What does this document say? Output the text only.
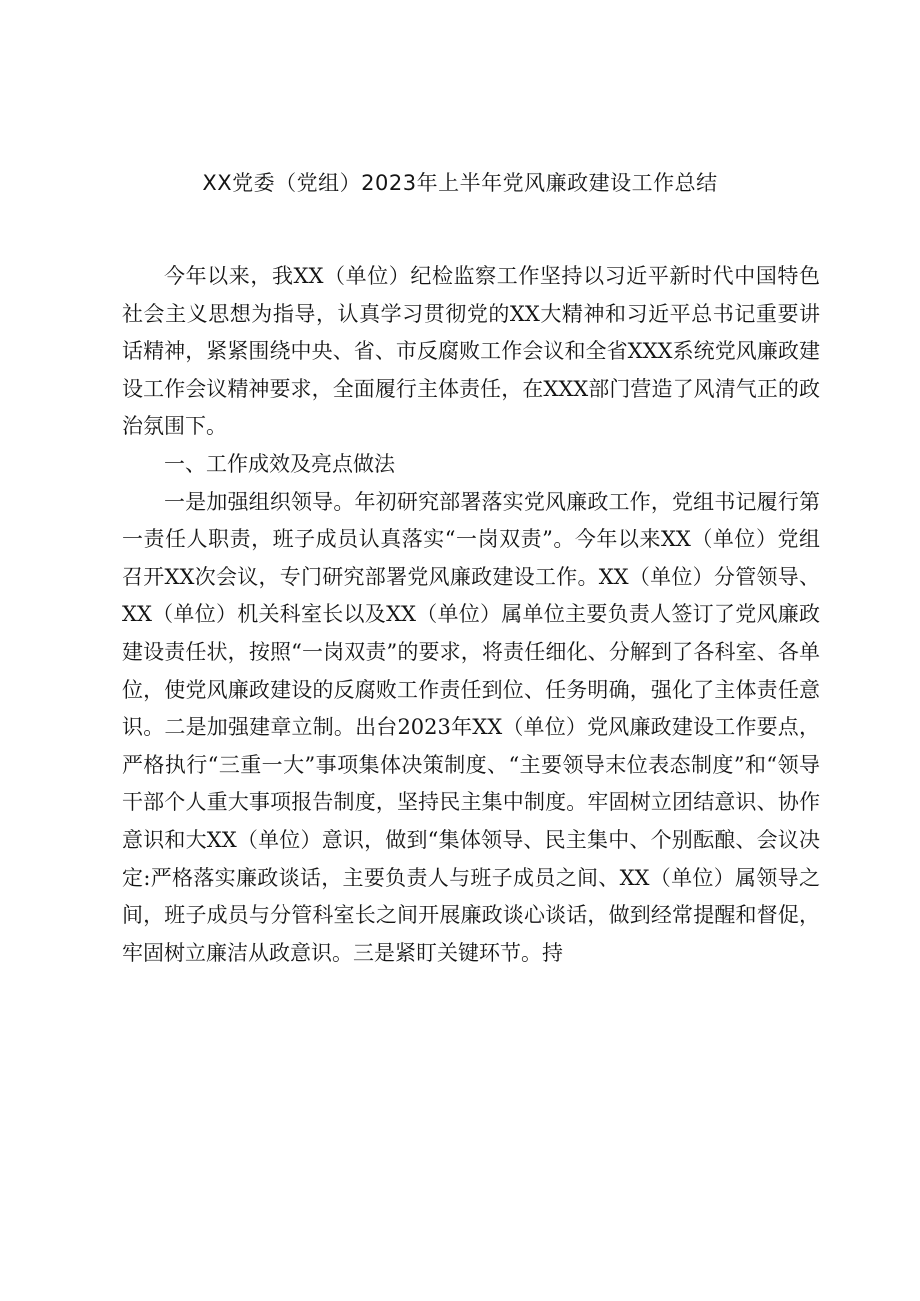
XX党委（党组）2023年上半年党风廉政建设工作总结

今年以来，我XX（单位）纪检监察工作坚持以习近平新时代中国特色社会主义思想为指导，认真学习贯彻党的XX大精神和习近平总书记重要讲话精神，紧紧围绕中央、省、市反腐败工作会议和全省XXX系统党风廉政建设工作会议精神要求，全面履行主体责任，在XXX部门营造了风清气正的政治氛围下。

一、工作成效及亮点做法

一是加强组织领导。年初研究部署落实党风廉政工作，党组书记履行第一责任人职责，班子成员认真落实“一岗双责”。今年以来XX（单位）党组召开XX次会议，专门研究部署党风廉政建设工作。XX（单位）分管领导、XX（单位）机关科室长以及XX（单位）属单位主要负责人签订了党风廉政建设责任状，按照“一岗双责”的要求，将责任细化、分解到了各科室、各单位，使党风廉政建设的反腐败工作责任到位、任务明确，强化了主体责任意识。二是加强建章立制。出台2023年XX（单位）党风廉政建设工作要点，严格执行“三重一大”事项集体决策制度、“主要领导末位表态制度”和“领导干部个人重大事项报告制度，坚持民主集中制度。牢固树立团结意识、协作意识和大XX（单位）意识，做到“集体领导、民主集中、个别酝酿、会议决定:严格落实廉政谈话，主要负责人与班子成员之间、XX（单位）属领导之间，班子成员与分管科室长之间开展廉政谈心谈话，做到经常提醒和督促，牢固树立廉洁从政意识。三是紧盯关键环节。持
